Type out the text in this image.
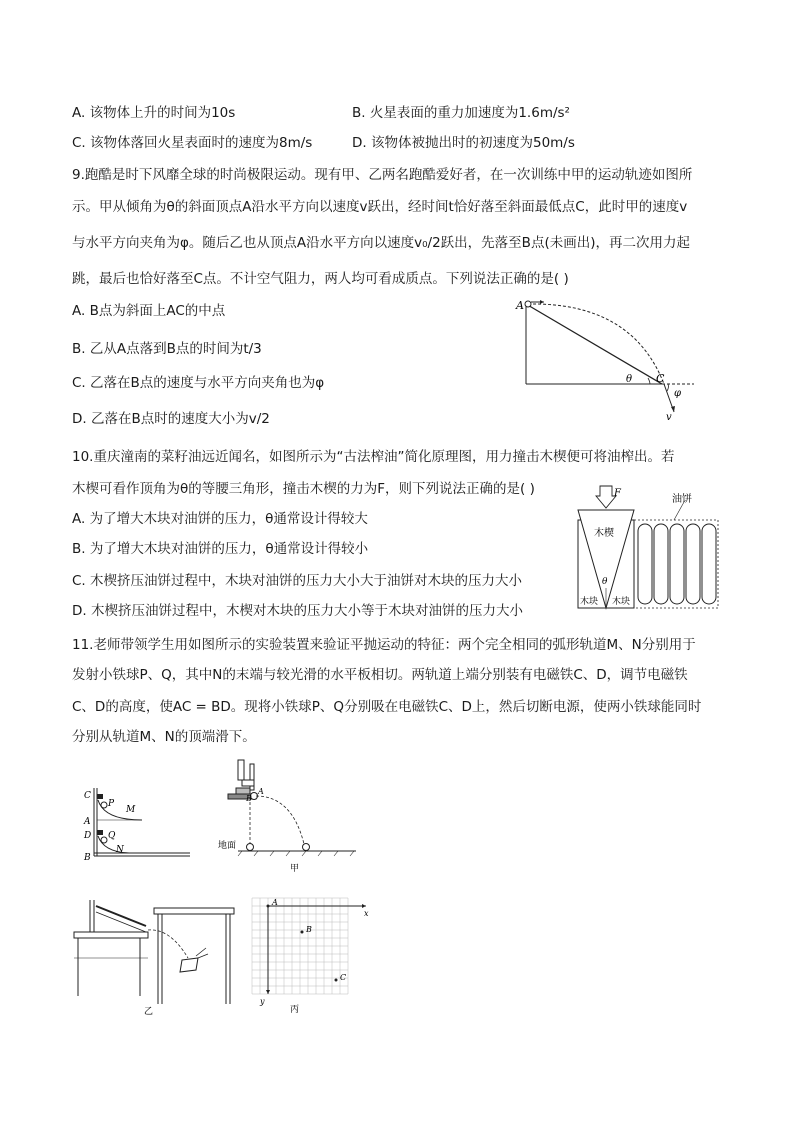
A. 该物体上升的时间为10s	B. 火星表面的重力加速度为1.6m/s²
C. 该物体落回火星表面时的速度为8m/s	D. 该物体被抛出时的初速度为50m/s
9.跑酷是时下风靡全球的时尚极限运动。现有甲、乙两名跑酷爱好者，在一次训练中甲的运动轨迹如图所
示。甲从倾角为θ的斜面顶点A沿水平方向以速度v跃出，经时间t恰好落至斜面最低点C，此时甲的速度v
与水平方向夹角为φ。随后乙也从顶点A沿水平方向以速度v₀/2跃出，先落至B点(未画出)，再二次用力起
跳，最后也恰好落至C点。不计空气阻力，两人均可看成质点。下列说法正确的是( )
A. B点为斜面上AC的中点
B. 乙从A点落到B点的时间为t/3
C. 乙落在B点的速度与水平方向夹角也为φ
D. 乙落在B点时的速度大小为v/2
A
C
θ
φ
v
10.重庆潼南的菜籽油远近闻名，如图所示为“古法榨油”简化原理图，用力撞击木楔便可将油榨出。若
木楔可看作顶角为θ的等腰三角形，撞击木楔的力为F，则下列说法正确的是( )
A. 为了增大木块对油饼的压力，θ通常设计得较大
B. 为了增大木块对油饼的压力，θ通常设计得较小
C. 木楔挤压油饼过程中，木块对油饼的压力大小大于油饼对木块的压力大小
D. 木楔挤压油饼过程中，木楔对木块的压力大小等于木块对油饼的压力大小
F
油饼
木楔
θ
木块 木块
11.老师带领学生用如图所示的实验装置来验证平抛运动的特征：两个完全相同的弧形轨道M、N分别用于
发射小铁球P、Q，其中N的末端与较光滑的水平板相切。两轨道上端分别装有电磁铁C、D，调节电磁铁
C、D的高度，使AC = BD。现将小铁球P、Q分别吸在电磁铁C、D上，然后切断电源，使两小铁球能同时
分别从轨道M、N的顶端滑下。
C
P
M
A
D Q
N
B
地面
A
B
甲
乙
A
B
C
x
y
丙
